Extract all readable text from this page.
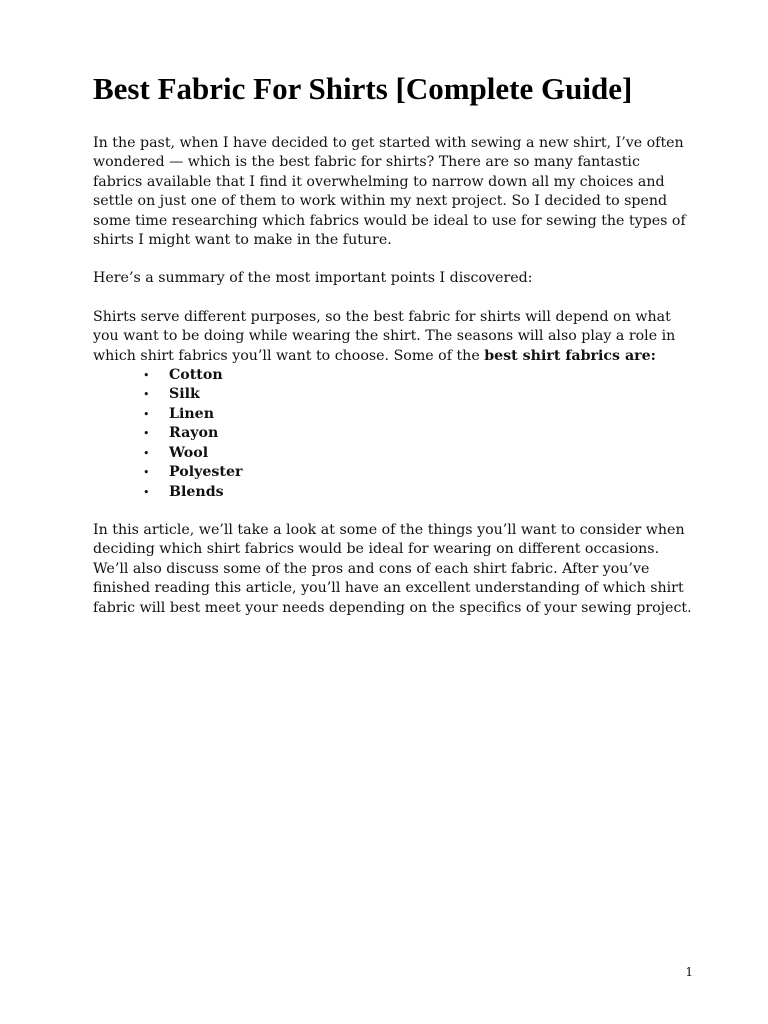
Best Fabric For Shirts [Complete Guide]

In the past, when I have decided to get started with sewing a new shirt, I’ve often wondered — which is the best fabric for shirts? There are so many fantastic fabrics available that I find it overwhelming to narrow down all my choices and settle on just one of them to work within my next project. So I decided to spend some time researching which fabrics would be ideal to use for sewing the types of shirts I might want to make in the future.

Here’s a summary of the most important points I discovered:

Shirts serve different purposes, so the best fabric for shirts will depend on what you want to be doing while wearing the shirt. The seasons will also play a role in which shirt fabrics you’ll want to choose. Some of the best shirt fabrics are:

• Cotton
• Silk
• Linen
• Rayon
• Wool
• Polyester
• Blends

In this article, we’ll take a look at some of the things you’ll want to consider when deciding which shirt fabrics would be ideal for wearing on different occasions. We’ll also discuss some of the pros and cons of each shirt fabric. After you’ve finished reading this article, you’ll have an excellent understanding of which shirt fabric will best meet your needs depending on the specifics of your sewing project.

1
